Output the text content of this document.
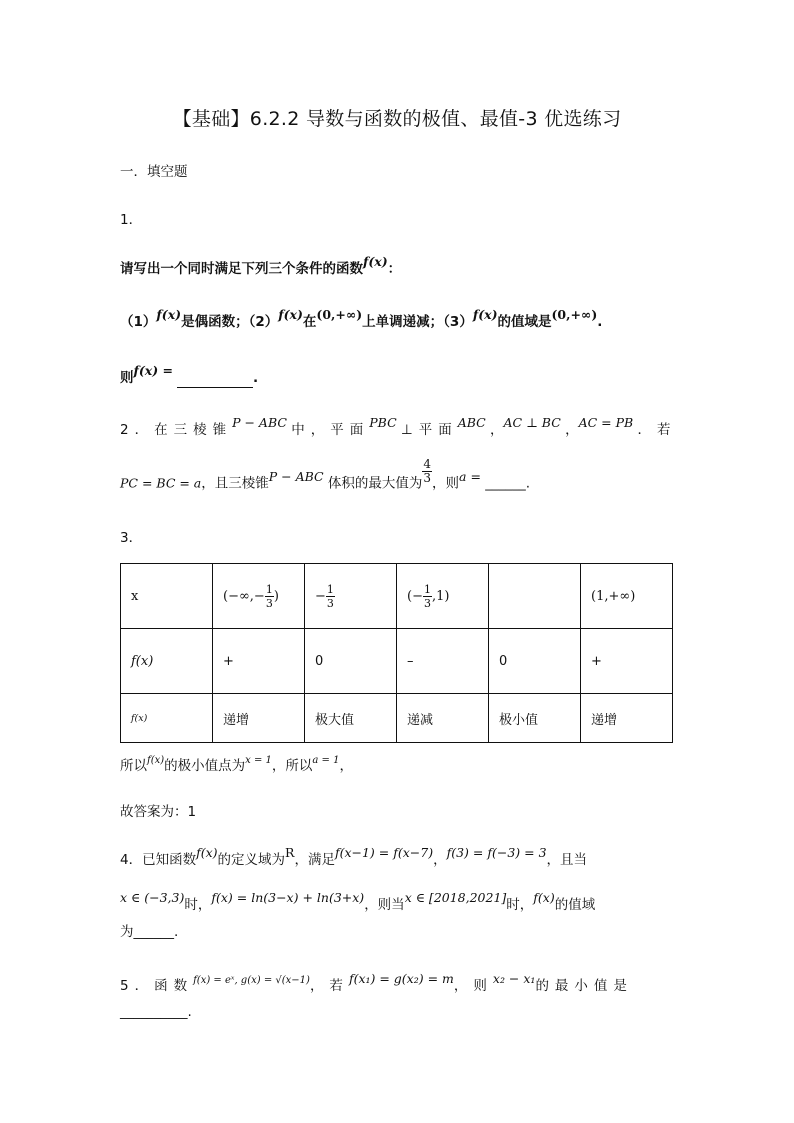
【基础】6.2.2 导数与函数的极值、最值-3 优选练习
一．填空题
1．
请写出一个同时满足下列三个条件的函数f(x)：
（1）f(x)是偶函数；（2）f(x)在(0,+∞)上单调递减；（3）f(x)的值域是(0,+∞).
则f(x) =	.
2．在三棱锥P − ABC 中，平面PBC ⊥平面ABC ，AC ⊥ BC ，AC = PB ．若
PC = BC = a，且三棱锥P − ABC 体积的最大值为 $\frac{4}{3}$ ，则a = ______.
3．
x	(−∞,− $\frac{1}{3}$ )	− $\frac{1}{3}$	(− $\frac{1}{3} ,1$)		(1,+∞)
f(x)	+	0	–	0	+
f(x)	递增	极大值	递减	极小值	递增
所以$^{f(x)}$的极小值点为$^{x = 1}$，所以$^{a = 1}$，
故答案为：1
4．已知函数f(x)的定义域为R，满足f(x−1) = f(x−7)，f(3) = f(−3) = 3，且当
x ∈ (−3,3)时，f(x) = ln(3−x) + ln(3+x)，则当x ∈ [2018,2021]时，f(x)的值域
为______.
5．函数$^{f(x) = eˣ, g(x) = √(x-1)}$，若f(x₁) = g(x₂) = m，则x₂ − x₁的最小值是
__________.
